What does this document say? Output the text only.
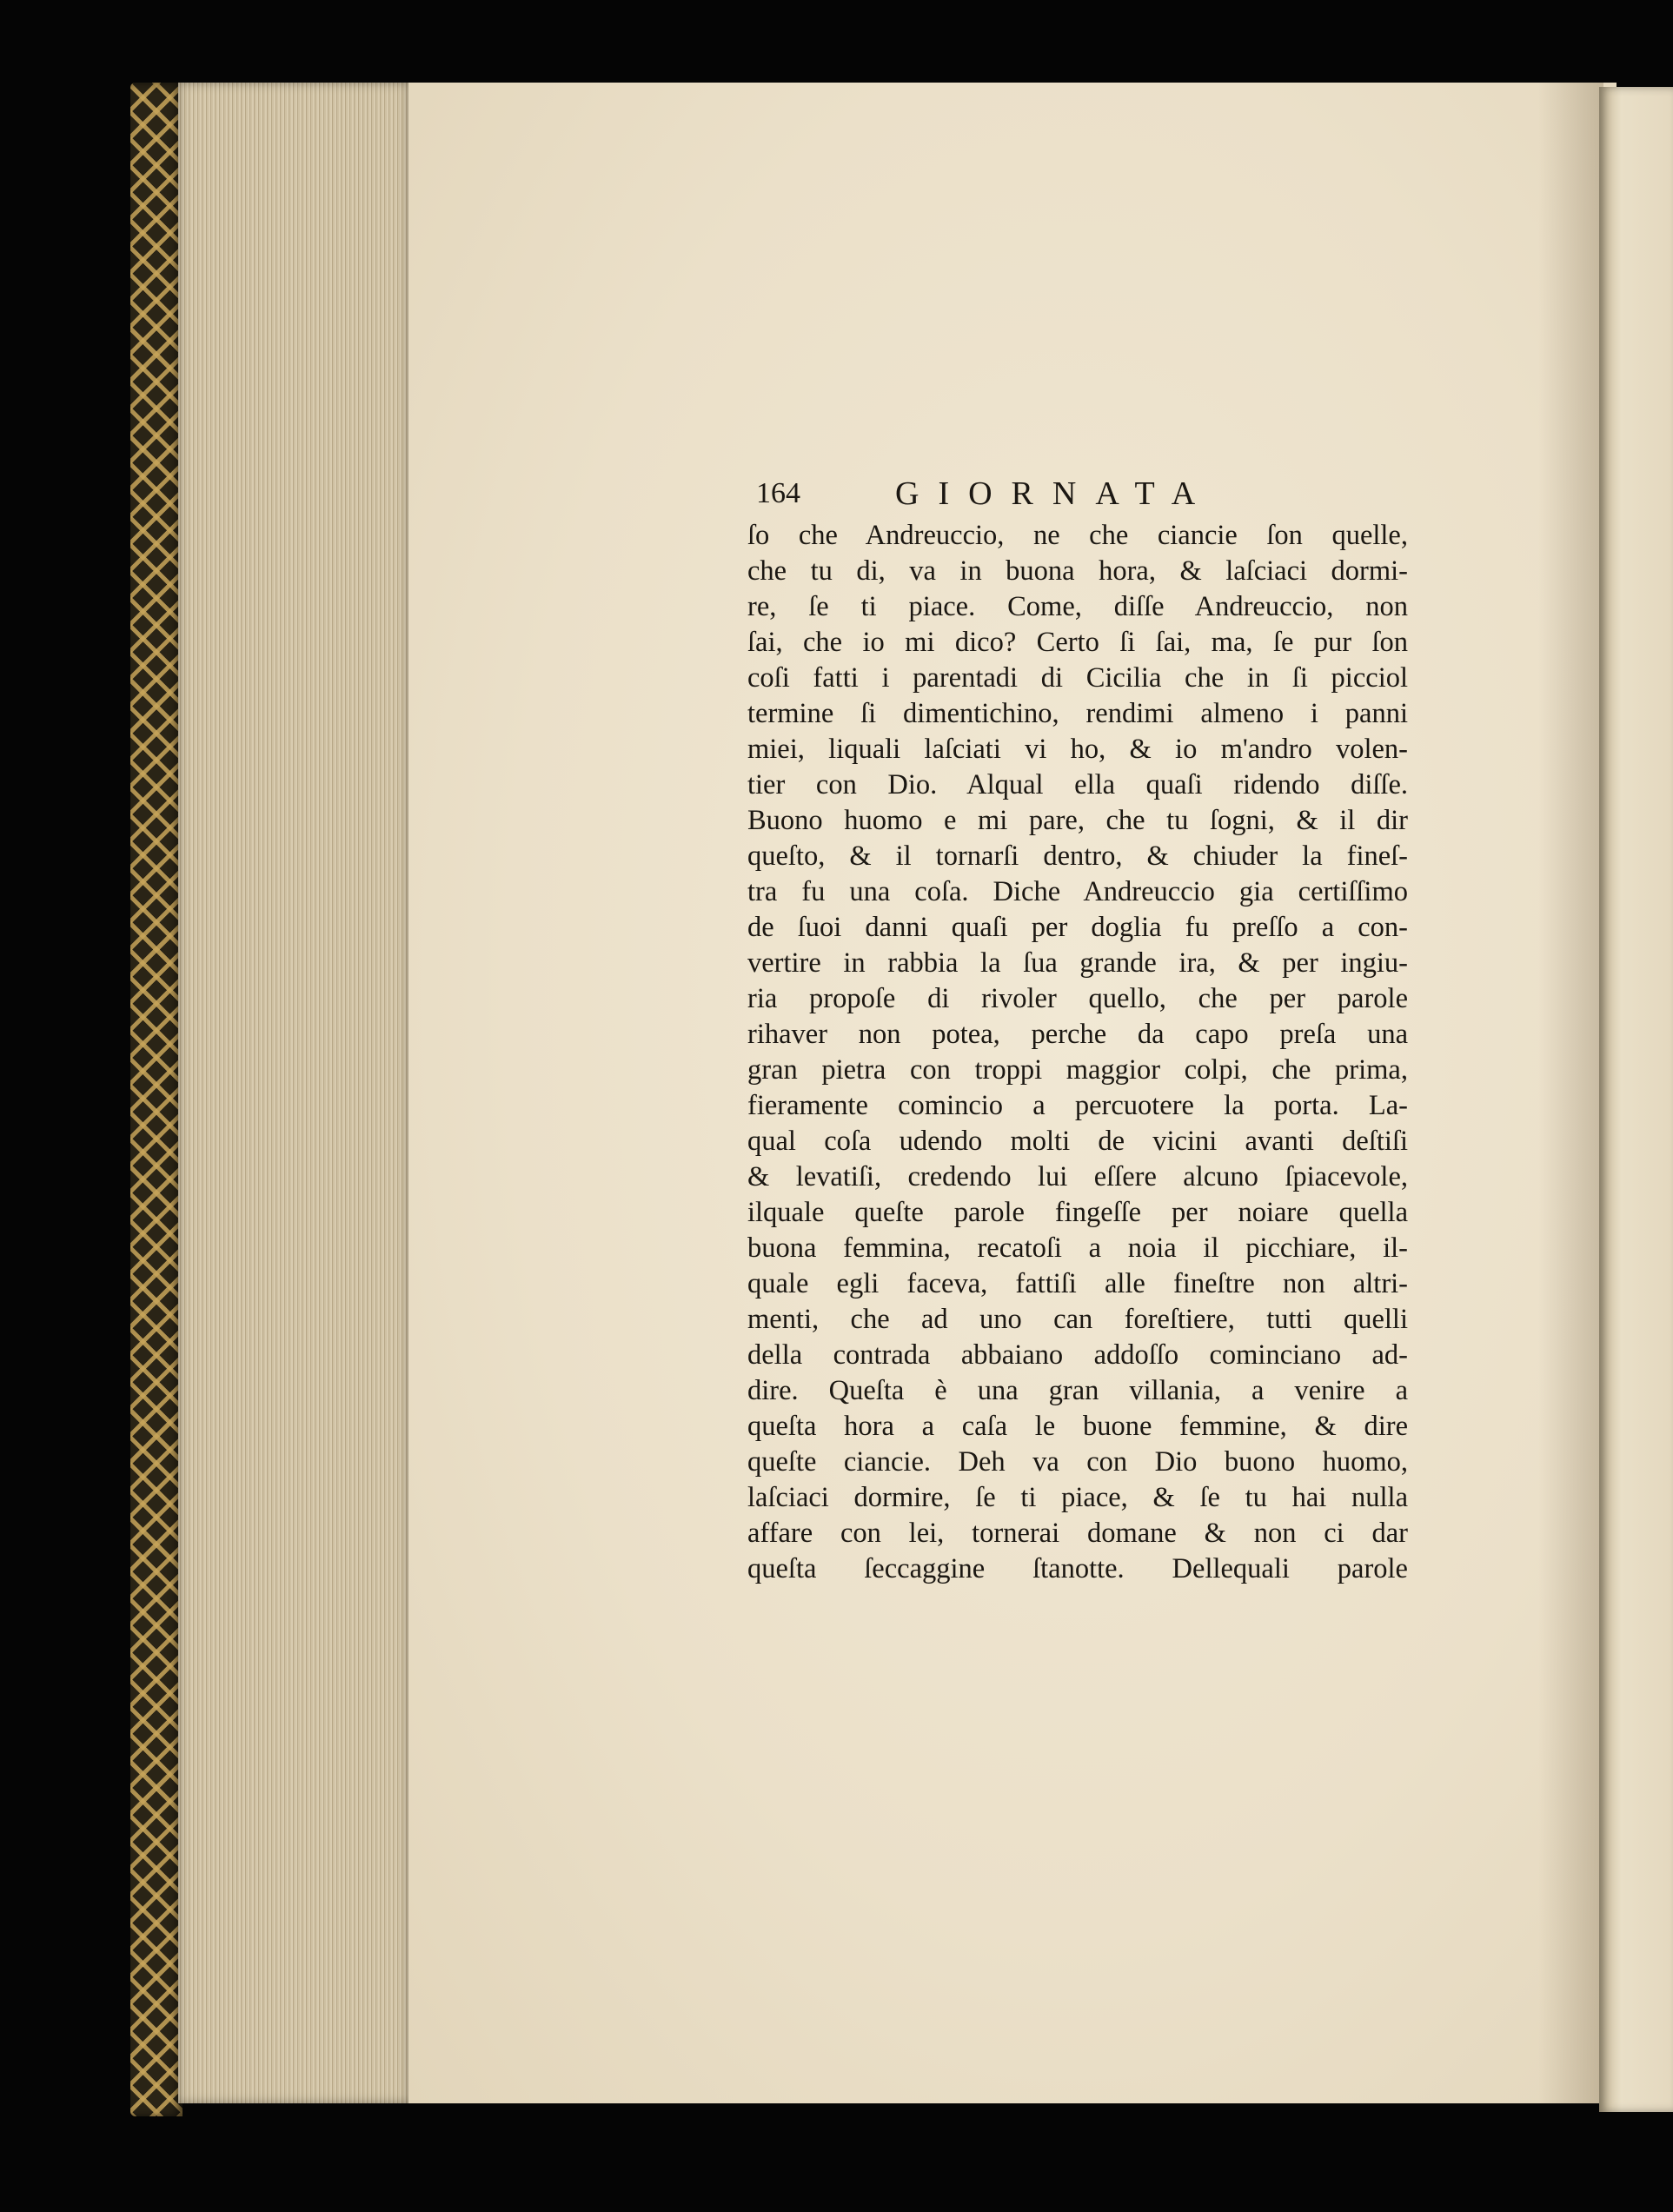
164	GIORNATA
ſo che Andreuccio, ne che ciancie ſon quelle,
che tu di, va in buona hora, & laſciaci dormi-
re, ſe ti piace. Come, diſſe Andreuccio, non
ſai, che io mi dico? Certo ſi ſai, ma, ſe pur ſon
coſi fatti i parentadi di Cicilia che in ſi picciol
termine ſi dimentichino, rendimi almeno i panni
miei, liquali laſciati vi ho, & io m'andro volen-
tier con Dio. Alqual ella quaſi ridendo diſſe.
Buono huomo e mi pare, che tu ſogni, & il dir
queſto, & il tornarſi dentro, & chiuder la fineſ-
tra fu una coſa. Diche Andreuccio gia certiſſimo
de ſuoi danni quaſi per doglia fu preſſo a con-
vertire in rabbia la ſua grande ira, & per ingiu-
ria propoſe di rivoler quello, che per parole
rihaver non potea, perche da capo preſa una
gran pietra con troppi maggior colpi, che prima,
fieramente comincio a percuotere la porta. La-
qual coſa udendo molti de vicini avanti deſtiſi
& levatiſi, credendo lui eſſere alcuno ſpiacevole,
ilquale queſte parole fingeſſe per noiare quella
buona femmina, recatoſi a noia il picchiare, il-
quale egli faceva, fattiſi alle fineſtre non altri-
menti, che ad uno can foreſtiere, tutti quelli
della contrada abbaiano addoſſo cominciano ad-
dire. Queſta è una gran villania, a venire a
queſta hora a caſa le buone femmine, & dire
queſte ciancie. Deh va con Dio buono huomo,
laſciaci dormire, ſe ti piace, & ſe tu hai nulla
affare con lei, tornerai domane & non ci dar
queſta ſeccaggine ſtanotte. Dellequali parole
